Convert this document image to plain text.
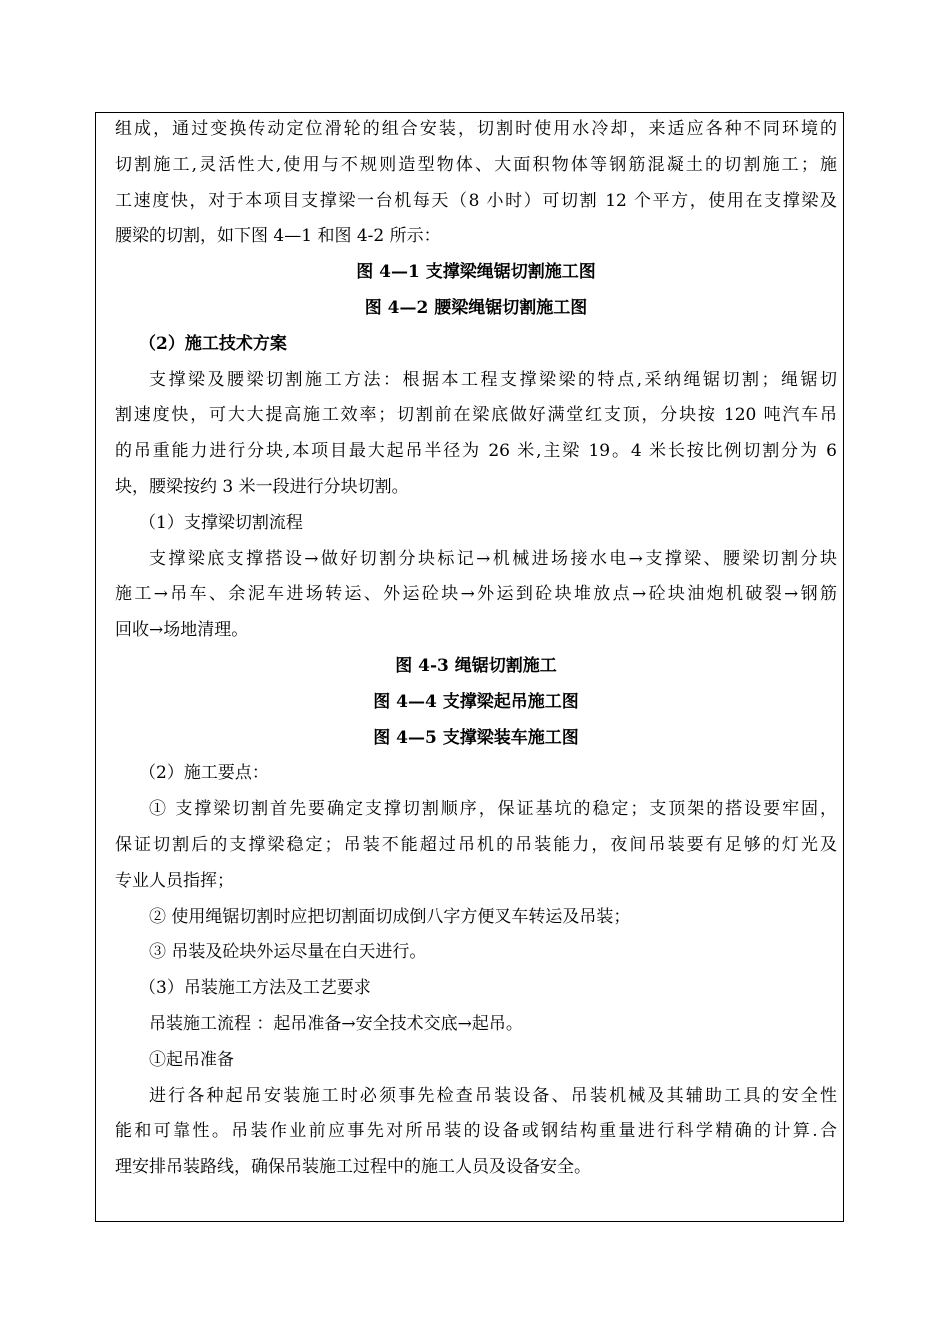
组成，通过变换传动定位滑轮的组合安装，切割时使用水冷却，来适应各种不同环境的
切割施工,灵活性大,使用与不规则造型物体、大面积物体等钢筋混凝土的切割施工；施
工速度快，对于本项目支撑梁一台机每天（8 小时）可切割 12 个平方，使用在支撑梁及
腰梁的切割，如下图 4—1 和图 4-2 所示：
图 4—1 支撑梁绳锯切割施工图
图 4—2 腰梁绳锯切割施工图
（2）施工技术方案
支撑梁及腰梁切割施工方法：根据本工程支撑梁梁的特点,采纳绳锯切割；绳锯切
割速度快，可大大提高施工效率；切割前在梁底做好满堂红支顶，分块按 120 吨汽车吊
的吊重能力进行分块,本项目最大起吊半径为 26 米,主梁 19。4 米长按比例切割分为 6
块，腰梁按约 3 米一段进行分块切割。
（1）支撑梁切割流程
支撑梁底支撑搭设→做好切割分块标记→机械进场接水电→支撑梁、腰梁切割分块
施工→吊车、余泥车进场转运、外运砼块→外运到砼块堆放点→砼块油炮机破裂→钢筋
回收→场地清理。
图 4-3 绳锯切割施工
图 4—4 支撑梁起吊施工图
图 4—5 支撑梁装车施工图
（2）施工要点：
① 支撑梁切割首先要确定支撑切割顺序，保证基坑的稳定；支顶架的搭设要牢固，
保证切割后的支撑梁稳定；吊装不能超过吊机的吊装能力，夜间吊装要有足够的灯光及
专业人员指挥；
② 使用绳锯切割时应把切割面切成倒八字方便叉车转运及吊装；
③ 吊装及砼块外运尽量在白天进行。
（3）吊装施工方法及工艺要求
吊装施工流程 ：起吊准备→安全技术交底→起吊。
①起吊准备
进行各种起吊安装施工时必须事先检查吊装设备、吊装机械及其辅助工具的安全性
能和可靠性。吊装作业前应事先对所吊装的设备或钢结构重量进行科学精确的计算.合
理安排吊装路线，确保吊装施工过程中的施工人员及设备安全。
